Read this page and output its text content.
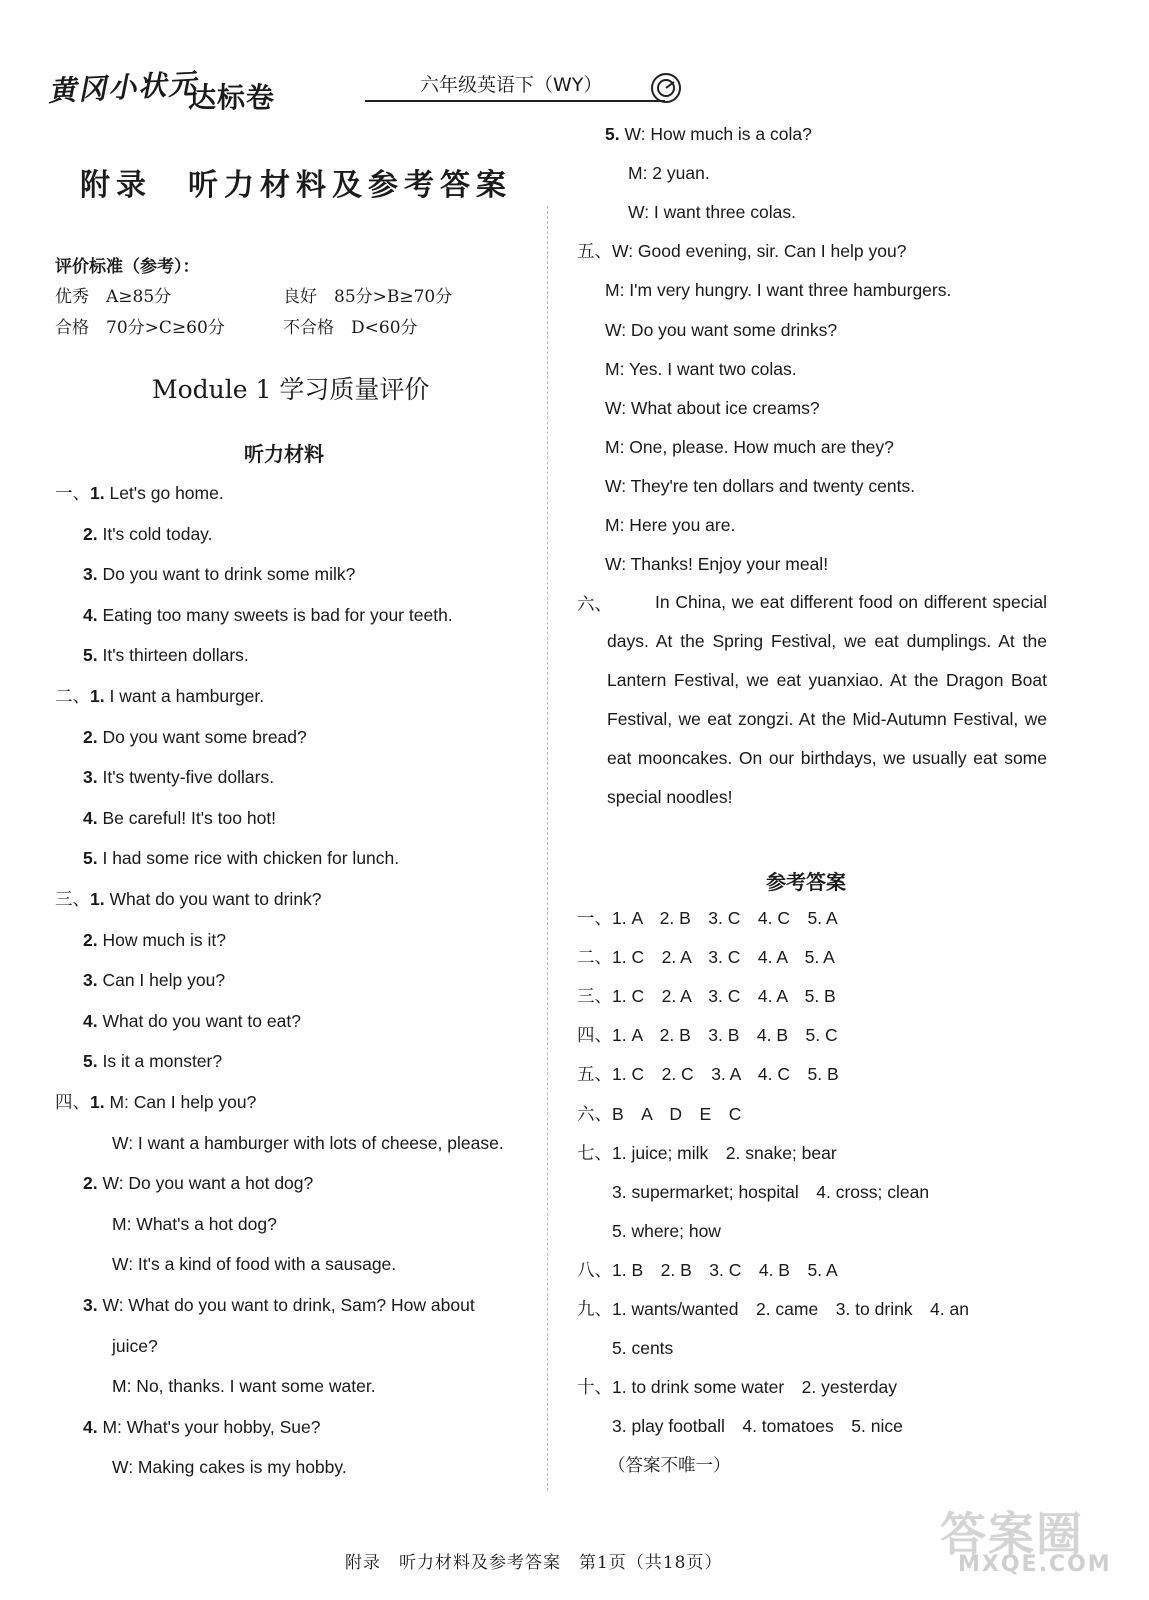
黄冈小状元
达标卷	六年级英语下（WY）
附录　听力材料及参考答案
评价标准（参考）：
优秀　A≥85分	良好　85分>B≥70分
合格　70分>C≥60分	不合格　D<60分
Module 1 学习质量评价
听力材料
一、1. Let's go home.
2. It's cold today.
3. Do you want to drink some milk?
4. Eating too many sweets is bad for your teeth.
5. It's thirteen dollars.
二、1. I want a hamburger.
2. Do you want some bread?
3. It's twenty-five dollars.
4. Be careful! It's too hot!
5. I had some rice with chicken for lunch.
三、1. What do you want to drink?
2. How much is it?
3. Can I help you?
4. What do you want to eat?
5. Is it a monster?
四、1. M: Can I help you?
W: I want a hamburger with lots of cheese, please.
2. W: Do you want a hot dog?
M: What's a hot dog?
W: It's a kind of food with a sausage.
3. W: What do you want to drink, Sam? How about
juice?
M: No, thanks. I want some water.
4. M: What's your hobby, Sue?
W: Making cakes is my hobby.
5. W: How much is a cola?
M: 2 yuan.
W: I want three colas.
五、W: Good evening, sir. Can I help you?
M: I'm very hungry. I want three hamburgers.
W: Do you want some drinks?
M: Yes. I want two colas.
W: What about ice creams?
M: One, please. How much are they?
W: They're ten dollars and twenty cents.
M: Here you are.
W: Thanks! Enjoy your meal!
六、	In China, we eat different food on different special days. At the Spring Festival, we eat dumplings. At the Lantern Festival, we eat yuanxiao. At the Dragon Boat Festival, we eat zongzi. At the Mid-Autumn Festival, we eat mooncakes. On our birthdays, we usually eat some special noodles!
参考答案
一、1. A　2. B　3. C　4. C　5. A
二、1. C　2. A　3. C　4. A　5. A
三、1. C　2. A　3. C　4. A　5. B
四、1. A　2. B　3. B　4. B　5. C
五、1. C　2. C　3. A　4. C　5. B
六、B　A　D　E　C
七、1. juice; milk　2. snake; bear
　　3. supermarket; hospital　4. cross; clean
　　5. where; how
八、1. B　2. B　3. C　4. B　5. A
九、1. wants/wanted　2. came　3. to drink　4. an
　　5. cents
十、1. to drink some water　2. yesterday
　　3. play football　4. tomatoes　5. nice
（答案不唯一）
附录　听力材料及参考答案　第1页（共18页）
答案圈
MXQE.COM
